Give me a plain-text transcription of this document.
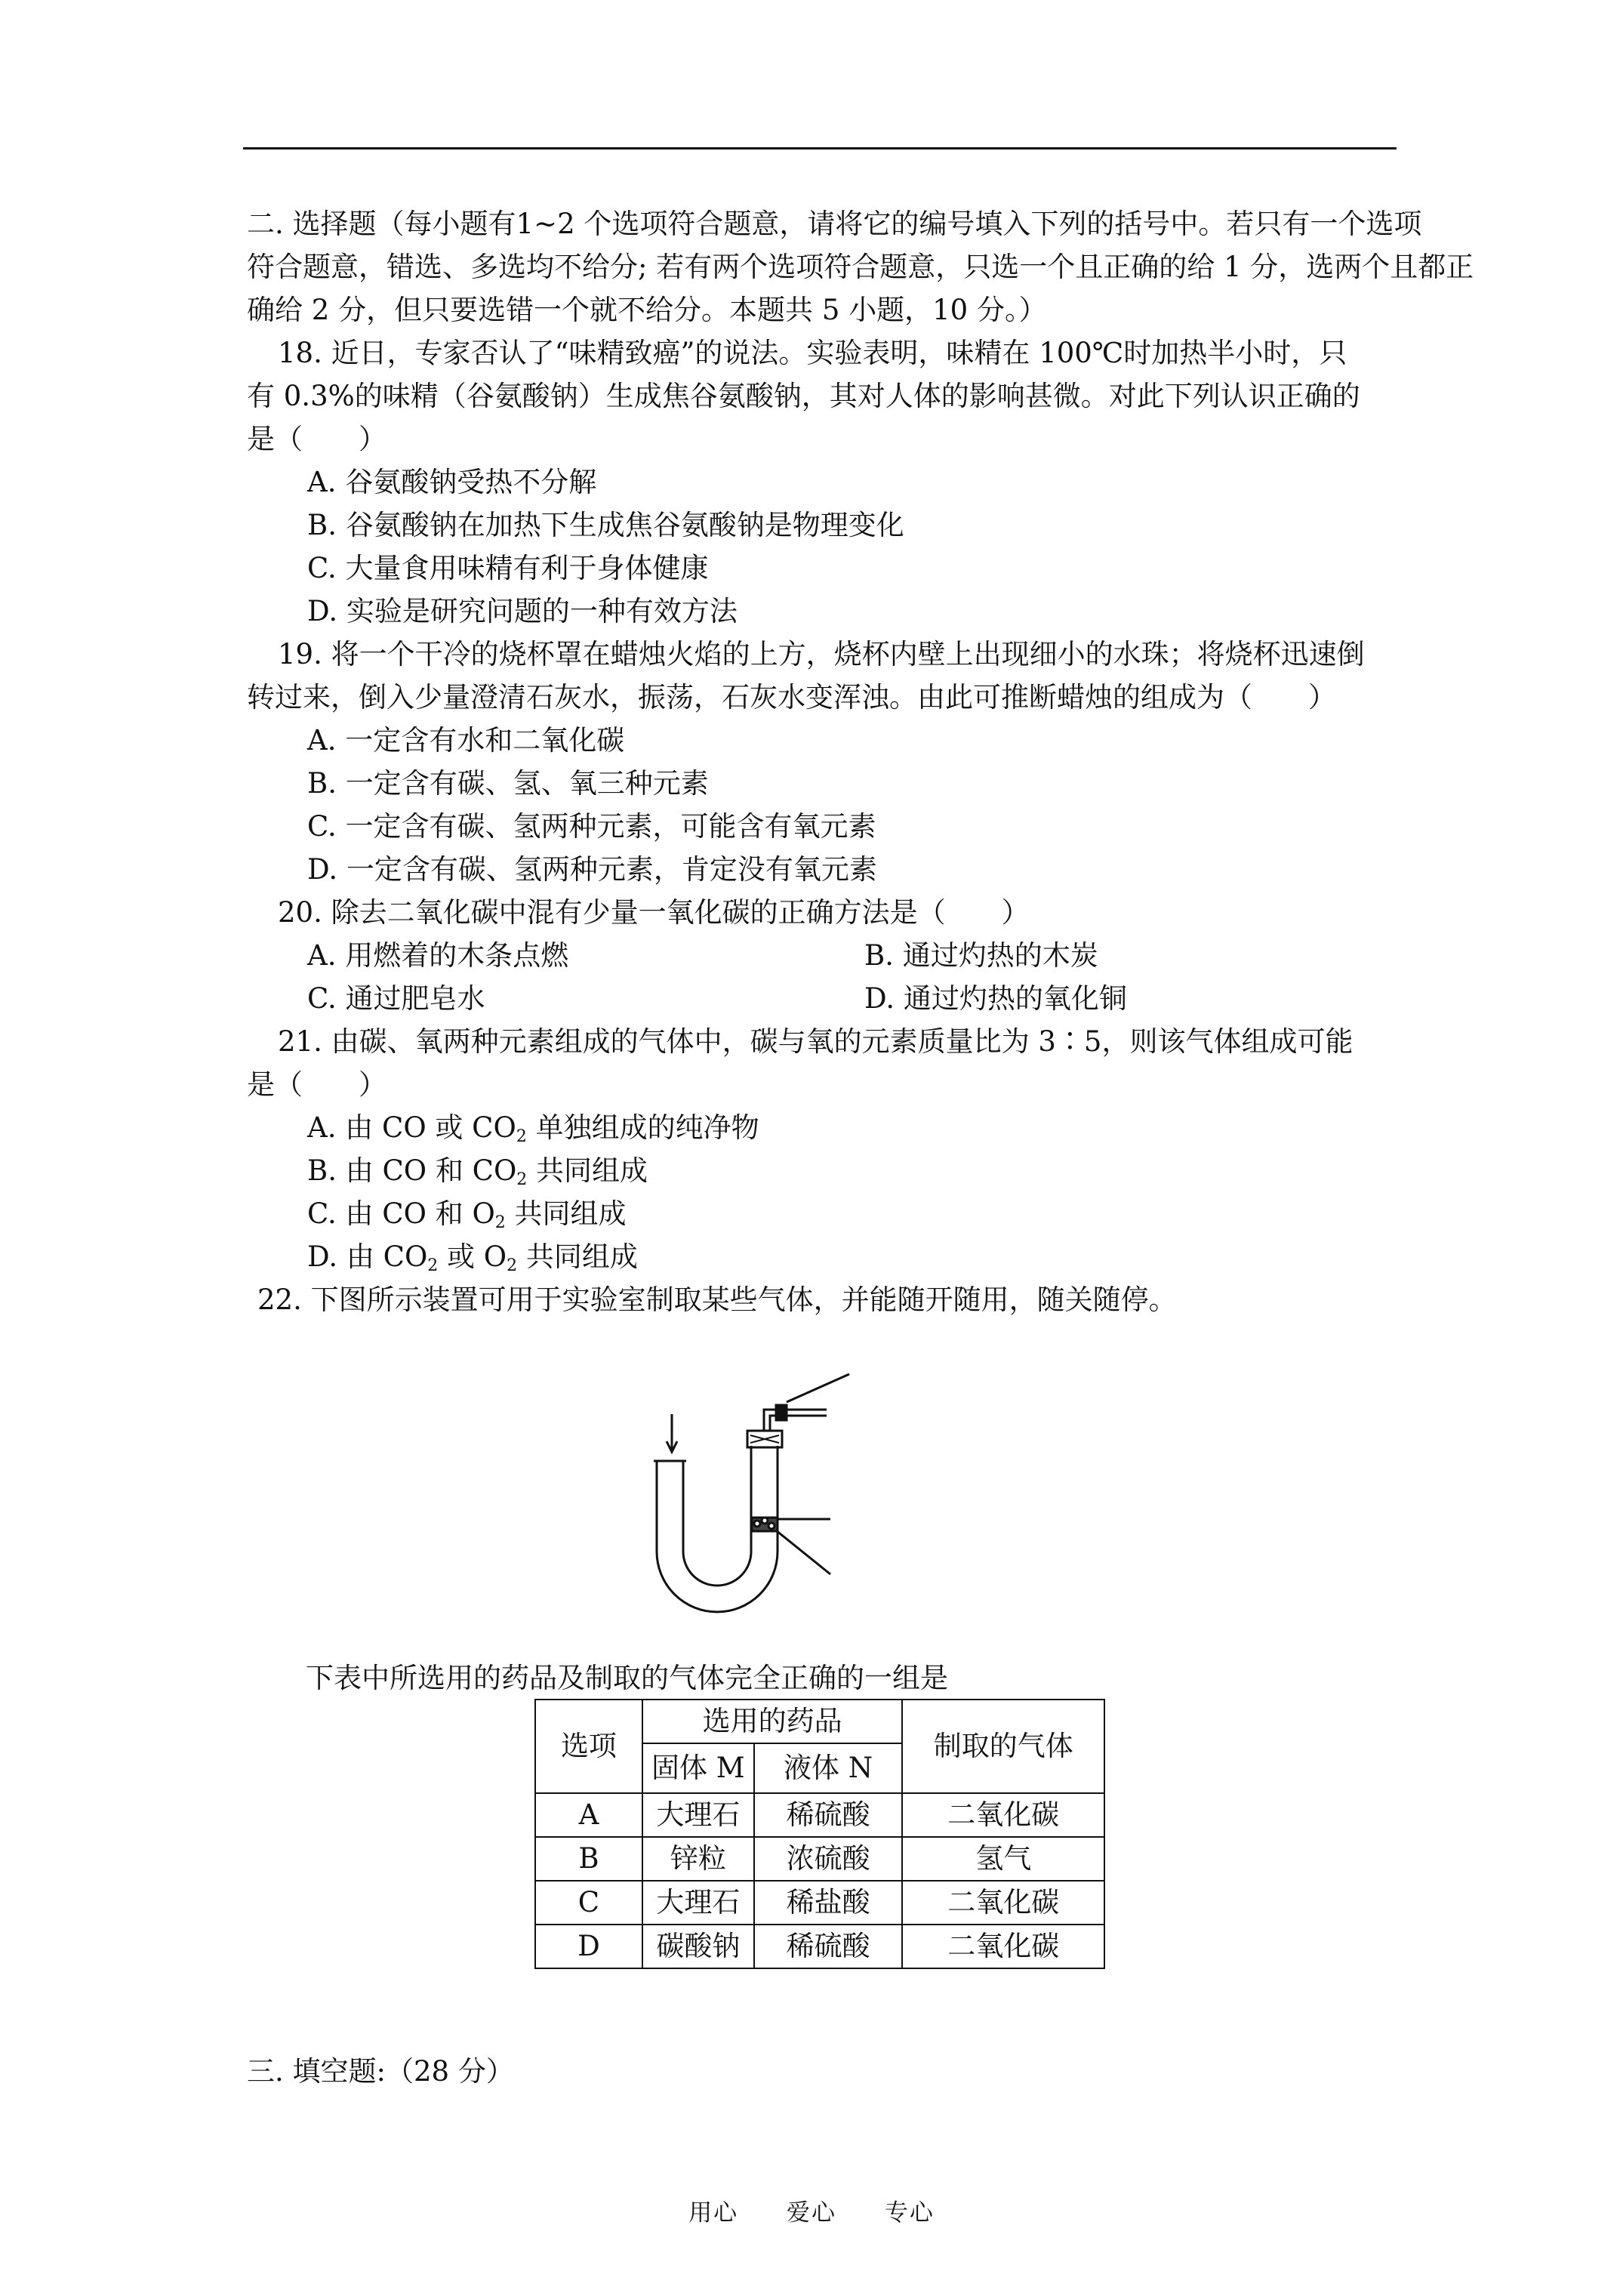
二. 选择题（每小题有1~2 个选项符合题意，请将它的编号填入下列的括号中。若只有一个选项
符合题意，错选、多选均不给分; 若有两个选项符合题意，只选一个且正确的给 1 分，选两个且都正
确给 2 分，但只要选错一个就不给分。本题共 5 小题，10 分。）
18. 近日，专家否认了“味精致癌”的说法。实验表明，味精在 100℃时加热半小时，只
有 0.3%的味精（谷氨酸钠）生成焦谷氨酸钠，其对人体的影响甚微。对此下列认识正确的
是（　　）
A. 谷氨酸钠受热不分解
B. 谷氨酸钠在加热下生成焦谷氨酸钠是物理变化
C. 大量食用味精有利于身体健康
D. 实验是研究问题的一种有效方法
19. 将一个干冷的烧杯罩在蜡烛火焰的上方，烧杯内壁上出现细小的水珠；将烧杯迅速倒
转过来，倒入少量澄清石灰水，振荡，石灰水变浑浊。由此可推断蜡烛的组成为（　　）
A. 一定含有水和二氧化碳
B. 一定含有碳、氢、氧三种元素
C. 一定含有碳、氢两种元素，可能含有氧元素
D. 一定含有碳、氢两种元素，肯定没有氧元素
20. 除去二氧化碳中混有少量一氧化碳的正确方法是（　　）
A. 用燃着的木条点燃	B. 通过灼热的木炭
C. 通过肥皂水	D. 通过灼热的氧化铜
21. 由碳、氧两种元素组成的气体中，碳与氧的元素质量比为 3∶5，则该气体组成可能
是（　　）
A. 由 CO 或 $CO_2$ 单独组成的纯净物
B. 由 CO 和 $CO_2$ 共同组成
C. 由 CO 和 $O_2$ 共同组成
D. 由 $CO_2$ 或 $O_2$ 共同组成
22. 下图所示装置可用于实验室制取某些气体，并能随开随用，随关随停。
下表中所选用的药品及制取的气体完全正确的一组是
选项	选用的药品		制取的气体
	固体 M	液体 N	
A	大理石	稀硫酸	二氧化碳
B	锌粒	浓硫酸	氢气
C	大理石	稀盐酸	二氧化碳
D	碳酸钠	稀硫酸	二氧化碳
三. 填空题:（28 分）
用心 爱心 专心
